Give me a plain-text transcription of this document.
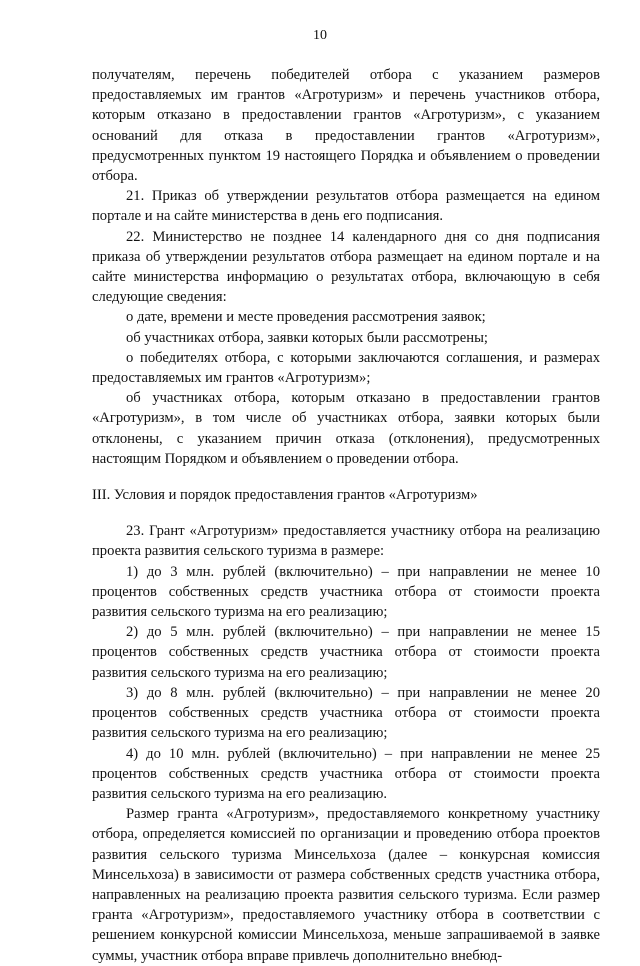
10

получателям, перечень победителей отбора с указанием размеров предоставляемых им грантов «Агротуризм» и перечень участников отбора, которым отказано в предоставлении грантов «Агротуризм», с указанием оснований для отказа в предоставлении грантов «Агротуризм», предусмотренных пунктом 19 настоящего Порядка и объявлением о проведении отбора.

21. Приказ об утверждении результатов отбора размещается на едином портале и на сайте министерства в день его подписания.

22. Министерство не позднее 14 календарного дня со дня подписания приказа об утверждении результатов отбора размещает на едином портале и на сайте министерства информацию о результатах отбора, включающую в себя следующие сведения:

о дате, времени и месте проведения рассмотрения заявок;

об участниках отбора, заявки которых были рассмотрены;

о победителях отбора, с которыми заключаются соглашения, и размерах предоставляемых им грантов «Агротуризм»;

об участниках отбора, которым отказано в предоставлении грантов «Агротуризм», в том числе об участниках отбора, заявки которых были отклонены, с указанием причин отказа (отклонения), предусмотренных настоящим Порядком и объявлением о проведении отбора.

III. Условия и порядок предоставления грантов «Агротуризм»

23. Грант «Агротуризм» предоставляется участнику отбора на реализацию проекта развития сельского туризма в размере:

1) до 3 млн. рублей (включительно) – при направлении не менее 10 процентов собственных средств участника отбора от стоимости проекта развития сельского туризма на его реализацию;

2) до 5 млн. рублей (включительно) – при направлении не менее 15 процентов собственных средств участника отбора от стоимости проекта развития сельского туризма на его реализацию;

3) до 8 млн. рублей (включительно) – при направлении не менее 20 процентов собственных средств участника отбора от стоимости проекта развития сельского туризма на его реализацию;

4) до 10 млн. рублей (включительно) – при направлении не менее 25 процентов собственных средств участника отбора от стоимости проекта развития сельского туризма на его реализацию.

Размер гранта «Агротуризм», предоставляемого конкретному участнику отбора, определяется комиссией по организации и проведению отбора проектов развития сельского туризма Минсельхоза (далее – конкурсная комиссия Минсельхоза) в зависимости от размера собственных средств участника отбора, направленных на реализацию проекта развития сельского туризма. Если размер гранта «Агротуризм», предоставляемого участнику отбора в соответствии с решением конкурсной комиссии Минсельхоза, меньше запрашиваемой в заявке суммы, участник отбора вправе привлечь дополнительно внебюд-
